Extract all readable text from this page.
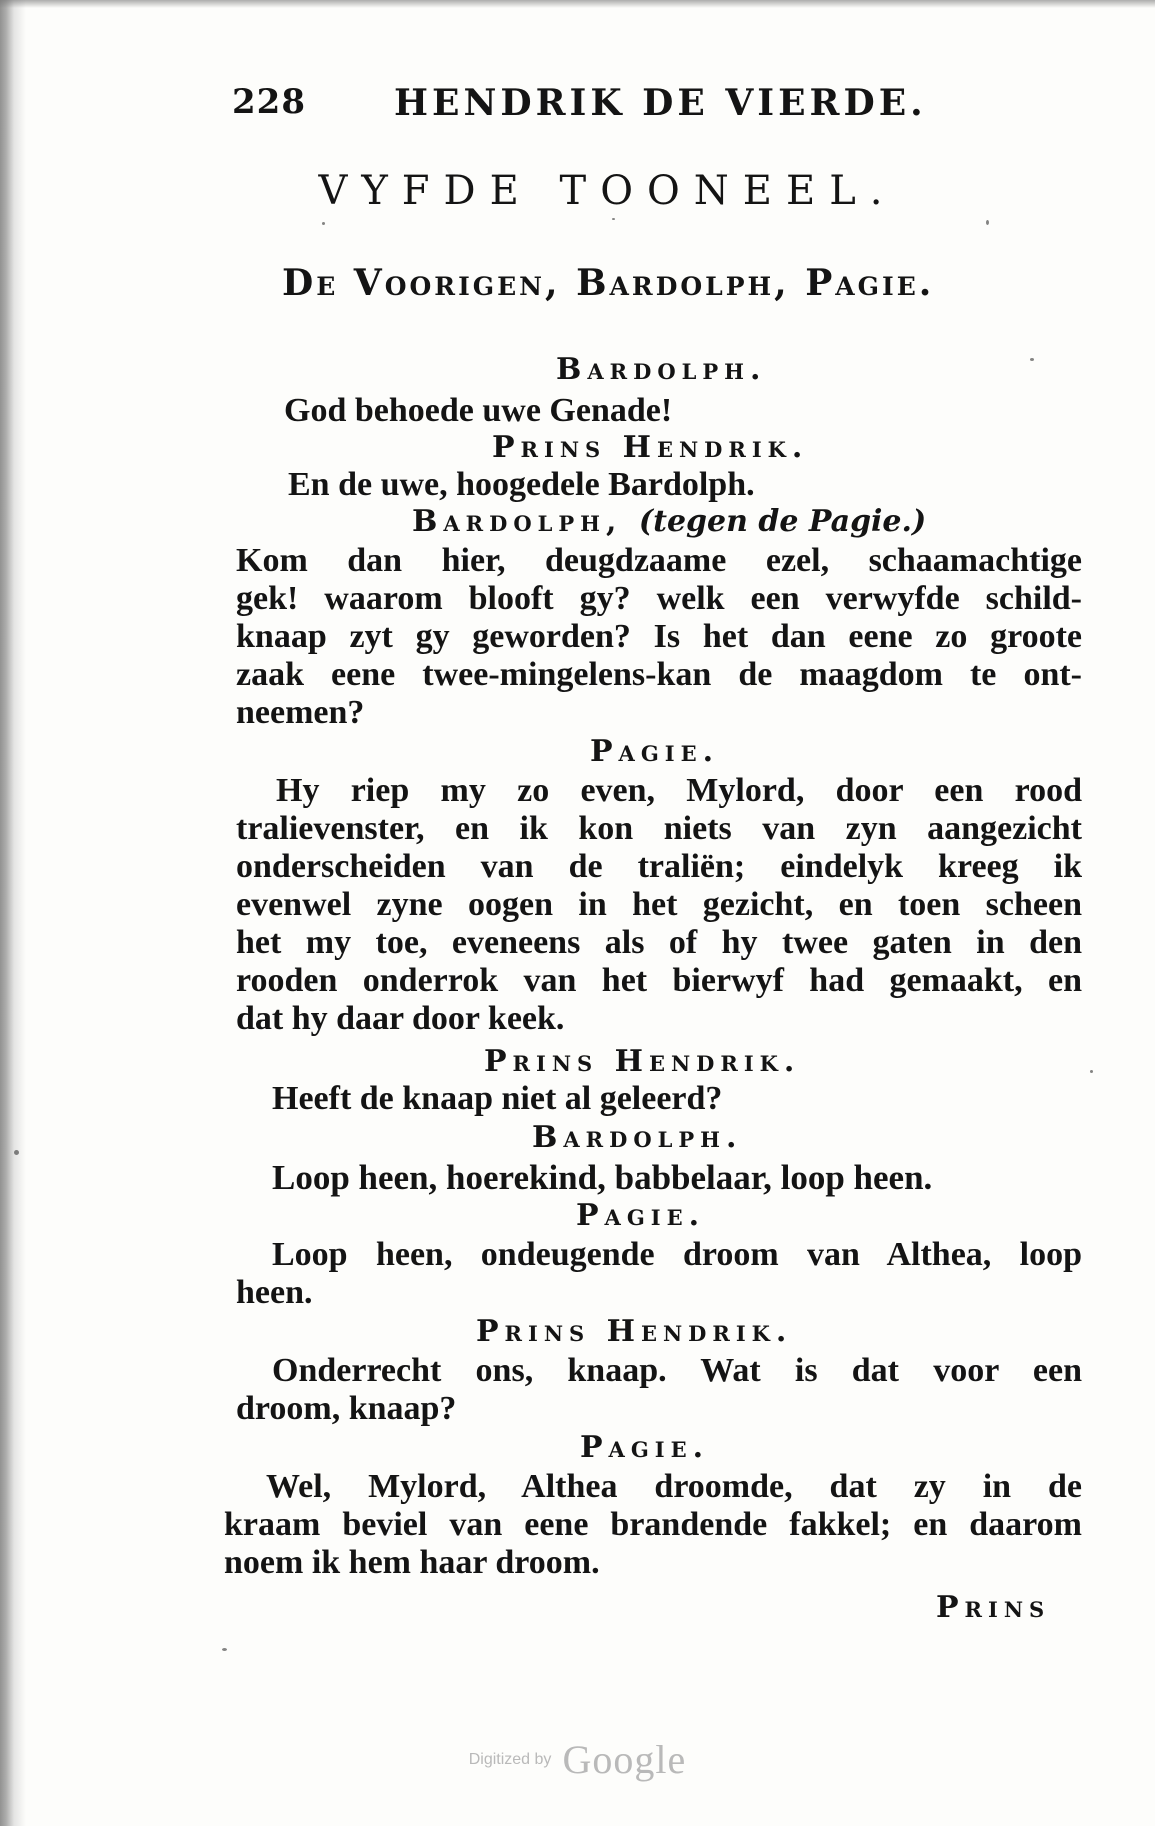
228 HENDRIK DE VIERDE.
VYFDE TOONEEL.
De Voorigen, Bardolph, Pagie.
Bardolph.
God behoede uwe Genade!
Prins Hendrik.
En de uwe, hoogedele Bardolph.
Bardolph, (tegen de Pagie.)
Kom dan hier, deugdzaame ezel, schaamachtige
gek! waarom blooft gy? welk een verwyfde schild-
knaap zyt gy geworden? Is het dan eene zo groote
zaak eene twee-mingelens-kan de maagdom te ont-
neemen?
Pagie.
Hy riep my zo even, Mylord, door een rood
tralievenster, en ik kon niets van zyn aangezicht
onderscheiden van de traliën; eindelyk kreeg ik
evenwel zyne oogen in het gezicht, en toen scheen
het my toe, eveneens als of hy twee gaten in den
rooden onderrok van het bierwyf had gemaakt, en
dat hy daar door keek.
Prins Hendrik.
Heeft de knaap niet al geleerd?
Bardolph.
Loop heen, hoerekind, babbelaar, loop heen.
Pagie.
Loop heen, ondeugende droom van Althea, loop
heen.
Prins Hendrik.
Onderrecht ons, knaap. Wat is dat voor een
droom, knaap?
Pagie.
Wel, Mylord, Althea droomde, dat zy in de
kraam beviel van eene brandende fakkel; en daarom
noem ik hem haar droom.
Prins
Digitized by Google
